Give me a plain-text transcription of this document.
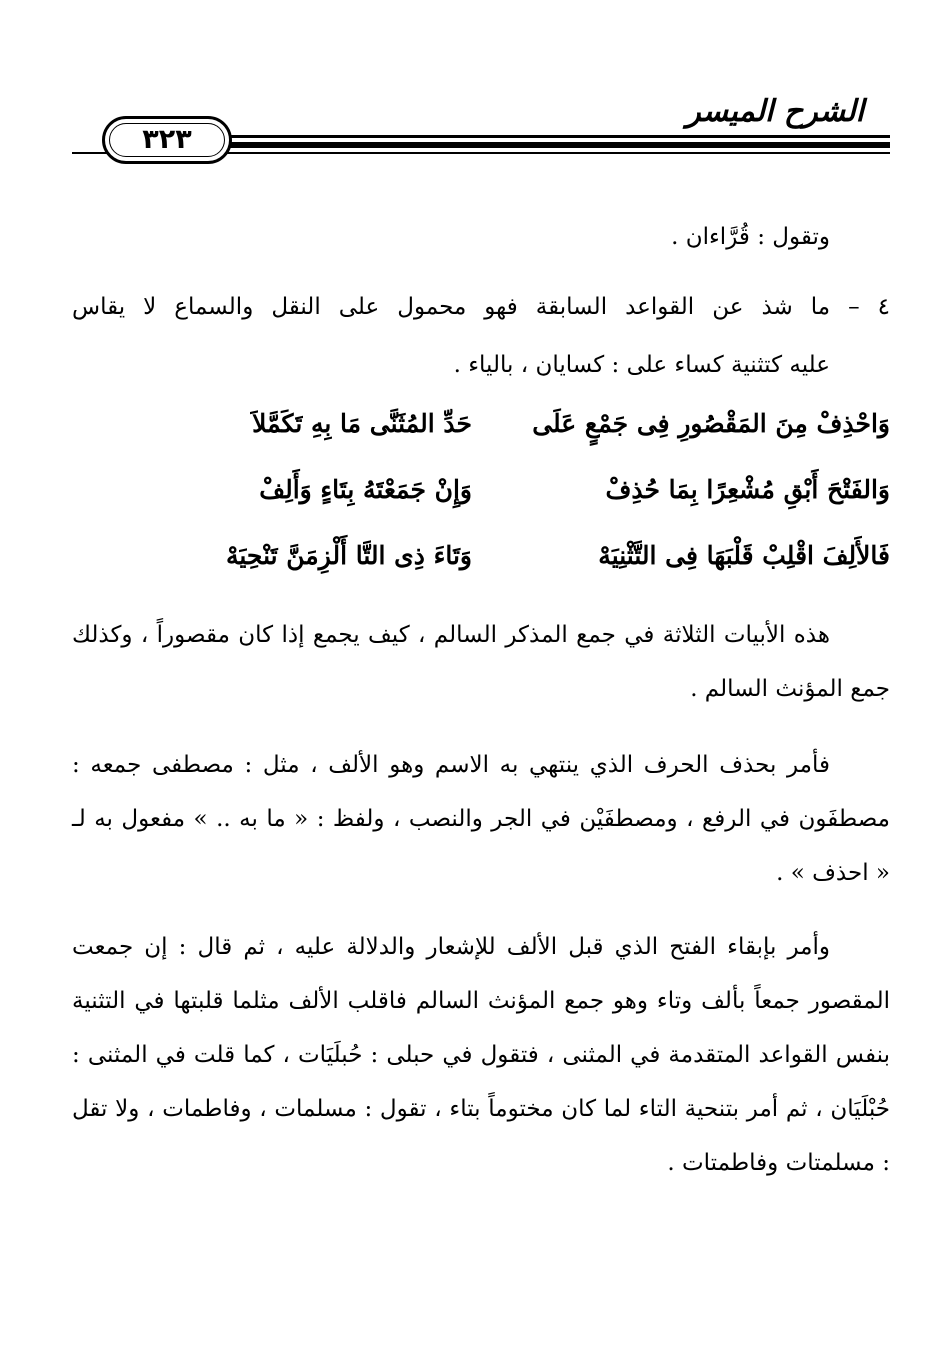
الشرح الميسر
٣٢٣
وتقول : قُرَّاءان .
٤ – ما شذ عن القواعد السابقة فهو محمول على النقل والسماع لا يقاس
عليه كتثنية كساء على : كسايان ، بالياء .
وَاحْذِفْ مِنَ المَقْصُورِ فِى جَمْعٍ عَلَى
حَدِّ المُثَنَّى مَا بِهِ تَكَمَّلاَ
وَالفَتْحَ أَبْقِ مُشْعِرًا بِمَا حُذِفْ
وَإِنْ جَمَعْتَهُ بِتَاءٍ وَأَلِفْ
فَالأَلِفَ اقْلِبْ قَلْبَهَا فِى التَّثْنِيَهْ
وَتَاءَ ذِى التَّا أَلْزِمَنَّ تَنْحِيَهْ
هذه الأبيات الثلاثة في جمع المذكر السالم ، كيف يجمع إذا كان مقصوراً ، وكذلك جمع المؤنث السالم .
فأمر بحذف الحرف الذي ينتهي به الاسم وهو الألف ، مثل : مصطفى جمعه : مصطفَون في الرفع ، ومصطفَيْن في الجر والنصب ، ولفظ : « ما به .. » مفعول به لـ « احذف » .
وأمر بإبقاء الفتح الذي قبل الألف للإشعار والدلالة عليه ، ثم قال : إن جمعت المقصور جمعاً بألف وتاء وهو جمع المؤنث السالم فاقلب الألف مثلما قلبتها في التثنية بنفس القواعد المتقدمة في المثنى ، فتقول في حبلى : حُبلَيَات ، كما قلت في المثنى : حُبْلَيَان ، ثم أمر بتنحية التاء لما كان مختوماً بتاء ، تقول : مسلمات ، وفاطمات ، ولا تقل : مسلمتات وفاطمتات .
